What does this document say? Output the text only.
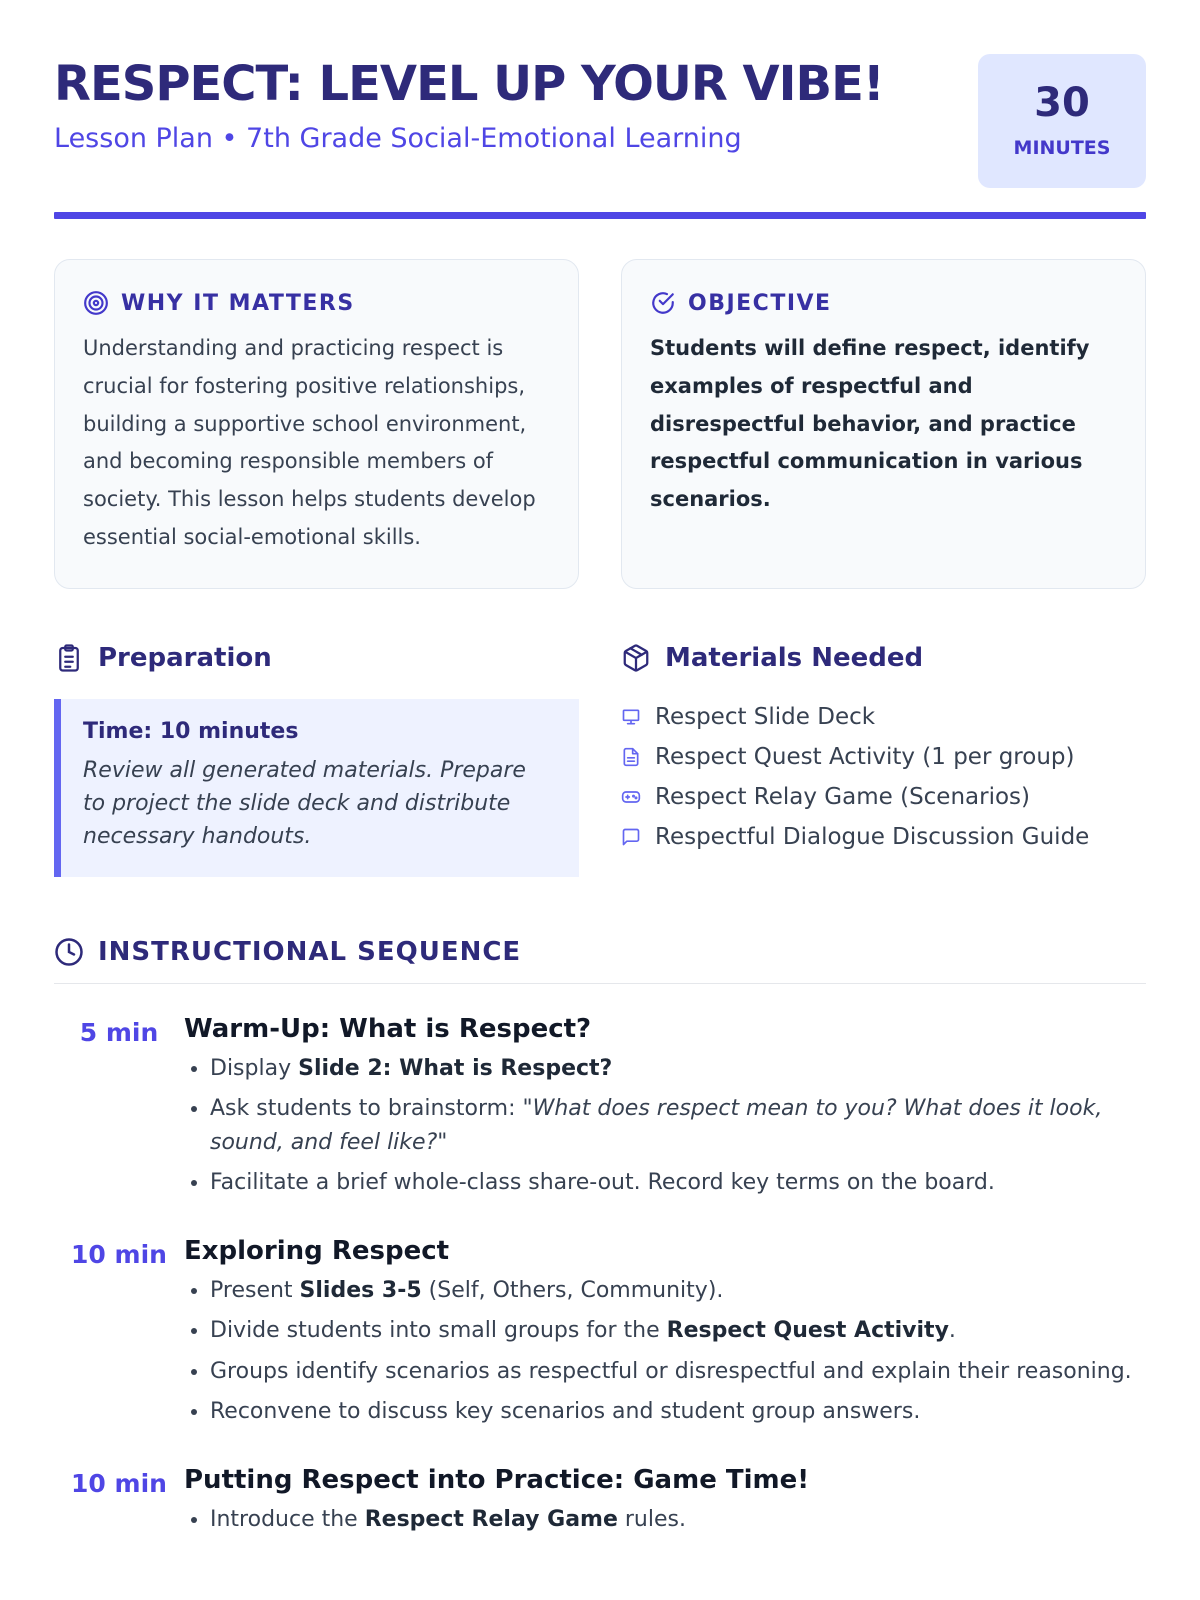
RESPECT: LEVEL UP YOUR VIBE!
Lesson Plan • 7th Grade Social-Emotional Learning
30
MINUTES
WHY IT MATTERS

Understanding and practicing respect is crucial for fostering positive relationships, building a supportive school environment, and becoming responsible members of society. This lesson helps students develop essential social-emotional skills.

OBJECTIVE

Students will define respect, identify examples of respectful and disrespectful behavior, and practice respectful communication in various scenarios.

Preparation
Time: 10 minutes
Review all generated materials. Prepare to project the slide deck and distribute necessary handouts.
Materials Needed
Respect Slide Deck
Respect Quest Activity (1 per group)
Respect Relay Game (Scenarios)
Respectful Dialogue Discussion Guide
INSTRUCTIONAL SEQUENCE
5 min Warm-Up: What is Respect?
• Display Slide 2: What is Respect?
• Ask students to brainstorm: "What does respect mean to you? What does it look, sound, and feel like?"
• Facilitate a brief whole-class share-out. Record key terms on the board.
10 min Exploring Respect
• Present Slides 3-5 (Self, Others, Community).
• Divide students into small groups for the Respect Quest Activity.
• Groups identify scenarios as respectful or disrespectful and explain their reasoning.
• Reconvene to discuss key scenarios and student group answers.
10 min Putting Respect into Practice: Game Time!
• Introduce the Respect Relay Game rules.
